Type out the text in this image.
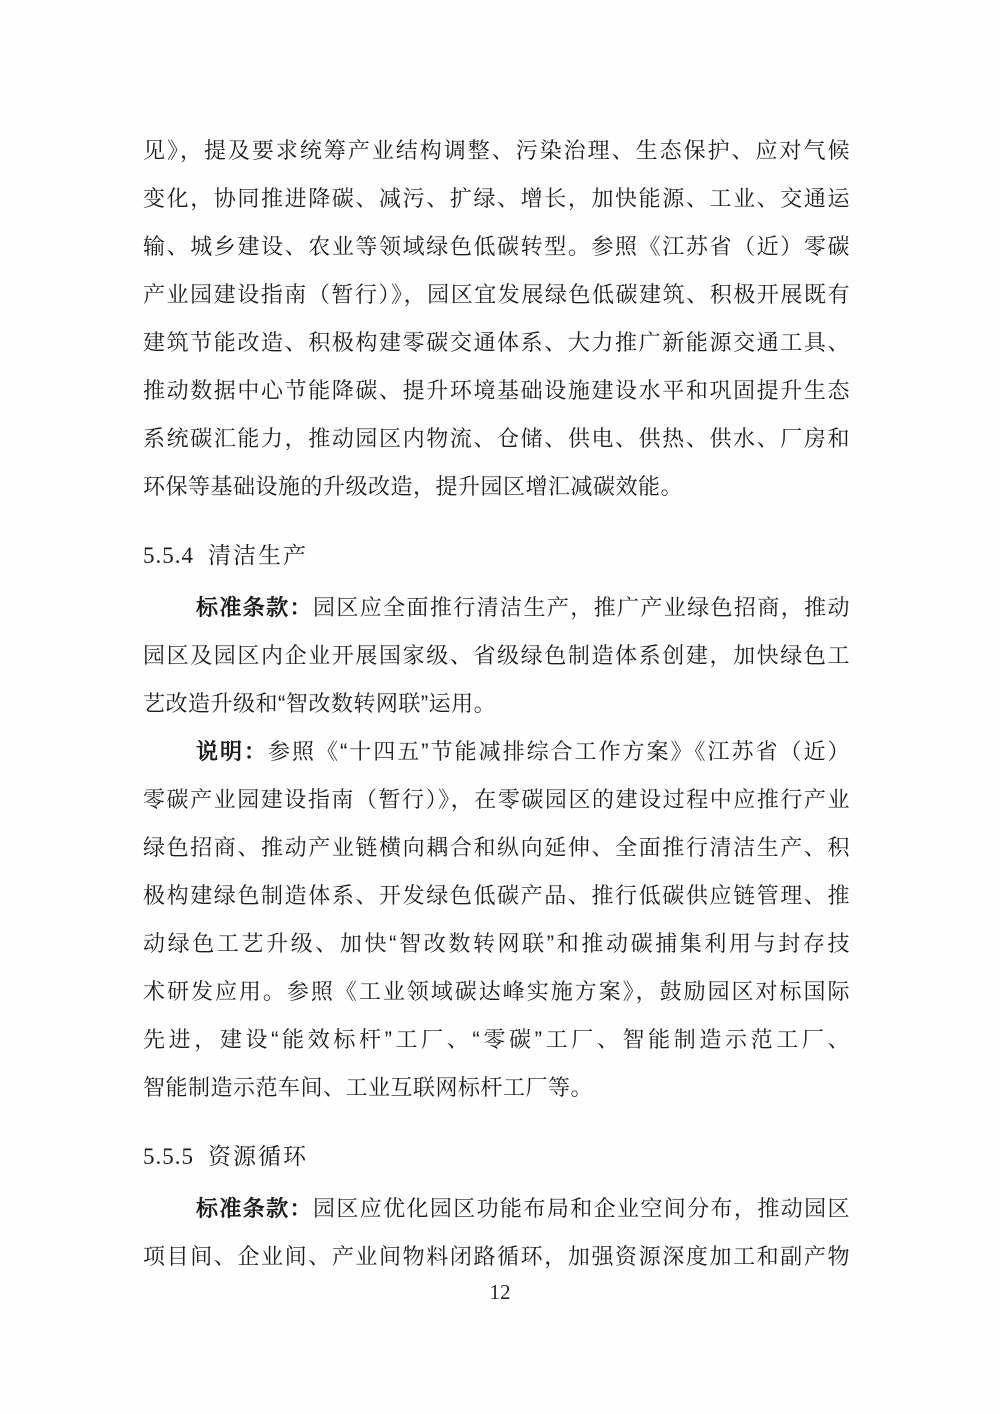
见》，提及要求统筹产业结构调整、污染治理、生态保护、应对气候
变化，协同推进降碳、减污、扩绿、增长，加快能源、工业、交通运
输、城乡建设、农业等领域绿色低碳转型。参照《江苏省（近）零碳
产业园建设指南（暂行）》，园区宜发展绿色低碳建筑、积极开展既有
建筑节能改造、积极构建零碳交通体系、大力推广新能源交通工具、
推动数据中心节能降碳、提升环境基础设施建设水平和巩固提升生态
系统碳汇能力，推动园区内物流、仓储、供电、供热、供水、厂房和
环保等基础设施的升级改造，提升园区增汇减碳效能。
5.5.4 清洁生产
标准条款：园区应全面推行清洁生产，推广产业绿色招商，推动
园区及园区内企业开展国家级、省级绿色制造体系创建，加快绿色工
艺改造升级和“智改数转网联”运用。
说明：参照《“十四五”节能减排综合工作方案》《江苏省（近）
零碳产业园建设指南（暂行）》，在零碳园区的建设过程中应推行产业
绿色招商、推动产业链横向耦合和纵向延伸、全面推行清洁生产、积
极构建绿色制造体系、开发绿色低碳产品、推行低碳供应链管理、推
动绿色工艺升级、加快“智改数转网联”和推动碳捕集利用与封存技
术研发应用。参照《工业领域碳达峰实施方案》，鼓励园区对标国际
先进，建设“能效标杆”工厂、“零碳”工厂、智能制造示范工厂、
智能制造示范车间、工业互联网标杆工厂等。
5.5.5 资源循环
标准条款：园区应优化园区功能布局和企业空间分布，推动园区
项目间、企业间、产业间物料闭路循环，加强资源深度加工和副产物
12
